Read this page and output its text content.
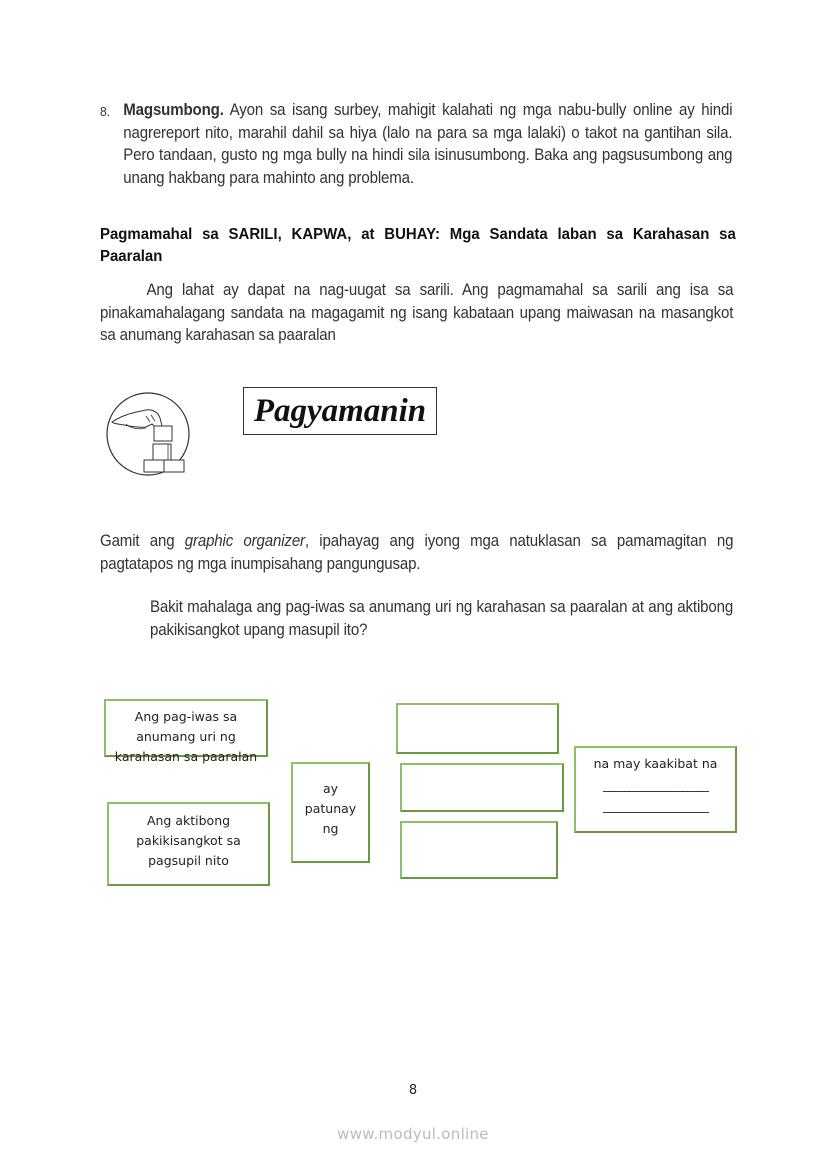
8. Magsumbong. Ayon sa isang surbey, mahigit kalahati ng mga nabu-bully online ay hindi nagrereport nito, marahil dahil sa hiya (lalo na para sa mga lalaki) o takot na gantihan sila. Pero tandaan, gusto ng mga bully na hindi sila isinusumbong. Baka ang pagsusumbong ang unang hakbang para mahinto ang problema.
Pagmamahal sa SARILI, KAPWA, at BUHAY: Mga Sandata laban sa Karahasan sa Paaralan
Ang lahat ay dapat na nag-uugat sa sarili. Ang pagmamahal sa sarili ang isa sa pinakamahalagang sandata na magagamit ng isang kabataan upang maiwasan na masangkot sa anumang karahasan sa paaralan
Pagyamanin
Gamit ang graphic organizer, ipahayag ang iyong mga natuklasan sa pamamagitan ng pagtatapos ng mga inumpisahang pangungusap.
Bakit mahalaga ang pag-iwas sa anumang uri ng karahasan sa paaralan at ang aktibong pakikisangkot upang masupil ito?
Ang pag-iwas sa
anumang uri ng
karahasan sa paaralan
Ang aktibong
pakikisangkot sa
pagsupil nito
ay
patunay
ng
na may kaakibat na
____________________
____________________
8
www.modyul.online
